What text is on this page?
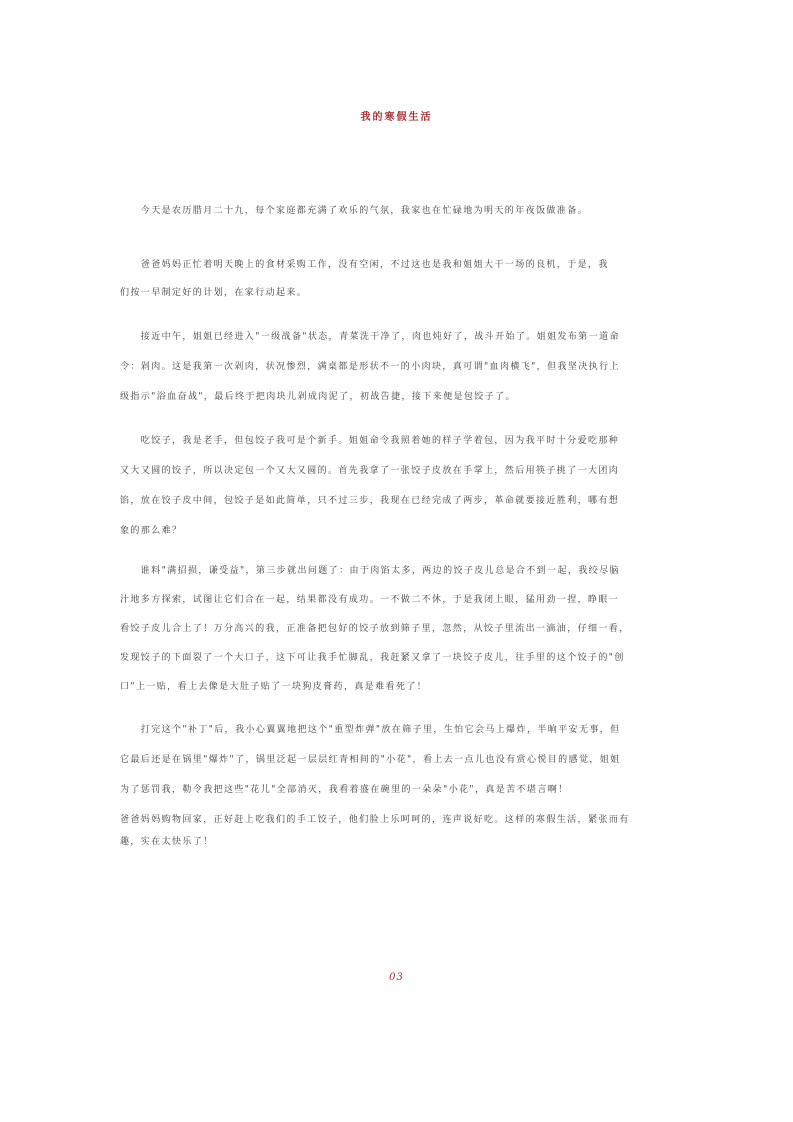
我的寒假生活

　　今天是农历腊月二十九，每个家庭都充满了欢乐的气氛，我家也在忙碌地为明天的年夜饭做准备。

　　爸爸妈妈正忙着明天晚上的食材采购工作，没有空闲，不过这也是我和姐姐大干一场的良机，于是，我
们按一早制定好的计划，在家行动起来。

　　接近中午，姐姐已经进入"一级战备"状态，青菜洗干净了，肉也炖好了，战斗开始了。姐姐发布第一道命
令：剁肉。这是我第一次剁肉，状况惨烈，满桌都是形状不一的小肉块，真可谓"血肉横飞"，但我坚决执行上
级指示"浴血奋战"，最后终于把肉块儿剁成肉泥了，初战告捷，接下来便是包饺子了。

　　吃饺子，我是老手，但包饺子我可是个新手。姐姐命令我照着她的样子学着包，因为我平时十分爱吃那种
又大又圆的饺子，所以决定包一个又大又圆的。首先我拿了一张饺子皮放在手掌上，然后用筷子挑了一大团肉
馅，放在饺子皮中间，包饺子是如此简单，只不过三步，我现在已经完成了两步，革命就要接近胜利，哪有想
象的那么难？

　　谁料"满招损，谦受益"，第三步就出问题了：由于肉馅太多，两边的饺子皮儿总是合不到一起，我绞尽脑
汁地多方探索，试图让它们合在一起，结果都没有成功。一不做二不休，于是我闭上眼，猛用劲一捏，睁眼一
看饺子皮儿合上了！万分高兴的我，正准备把包好的饺子放到筛子里，忽然，从饺子里流出一滴油，仔细一看，
发现饺子的下面裂了一个大口子，这下可让我手忙脚乱，我赶紧又拿了一块饺子皮儿，往手里的这个饺子的"创
口"上一贴，看上去像是大肚子贴了一块狗皮膏药，真是难看死了！

　　打完这个"补丁"后，我小心翼翼地把这个"重型炸弹"放在筛子里，生怕它会马上爆炸，半晌平安无事，但
它最后还是在锅里"爆炸"了，锅里泛起一层层红青相间的"小花"，看上去一点儿也没有赏心悦目的感觉，姐姐
为了惩罚我，勒令我把这些"花儿"全部消灭，我看着盛在碗里的一朵朵"小花"，真是苦不堪言啊！

爸爸妈妈购物回家，正好赶上吃我们的手工饺子，他们脸上乐呵呵的，连声说好吃。这样的寒假生活，紧张而有
趣，实在太快乐了！

03
